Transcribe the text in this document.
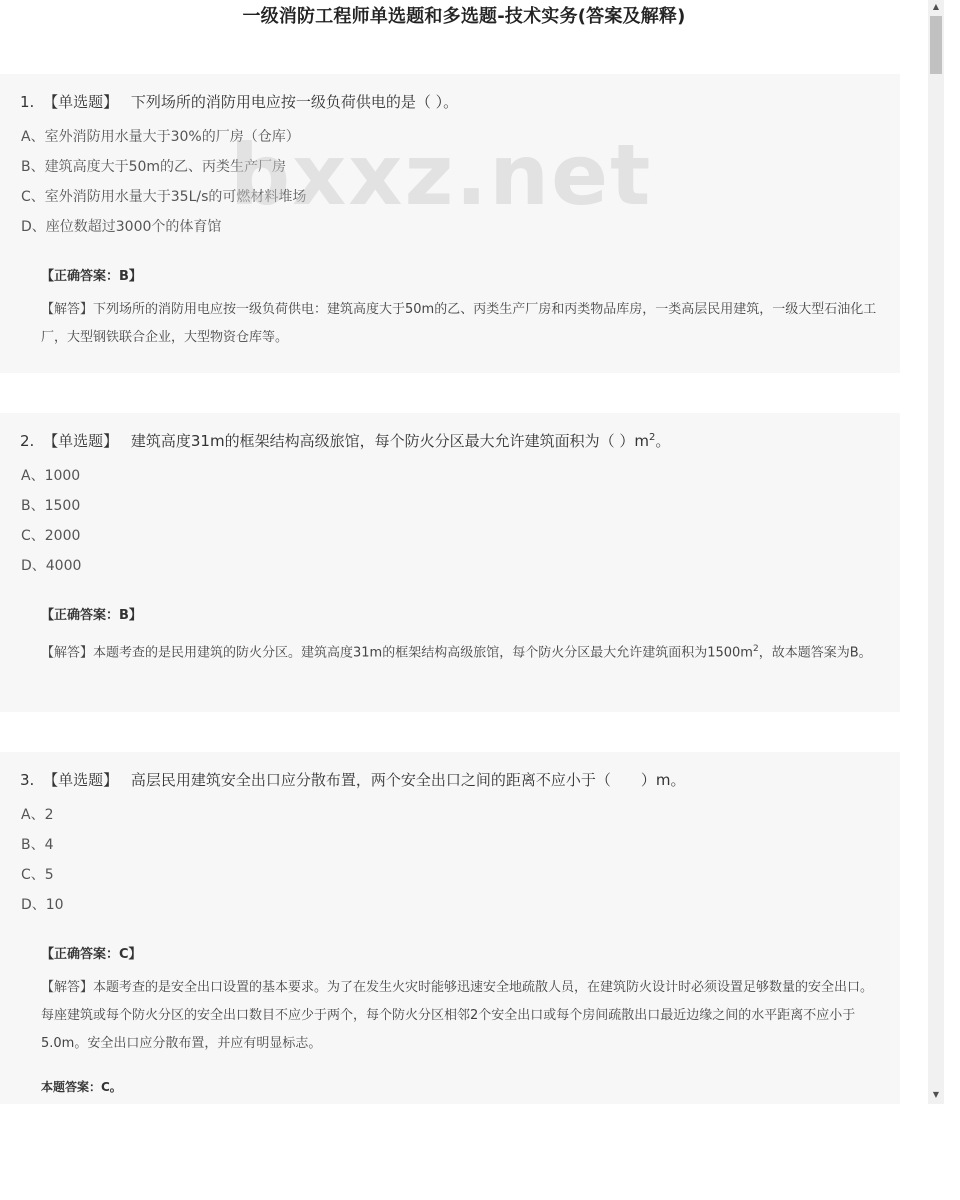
一级消防工程师单选题和多选题-技术实务(答案及解释)
bxxz.net
1. 【单选题】 下列场所的消防用电应按一级负荷供电的是（ ）。
A、室外消防用水量大于30%的厂房（仓库）
B、建筑高度大于50m的乙、丙类生产厂房
C、室外消防用水量大于35L/s的可燃材料堆场
D、座位数超过3000个的体育馆
【正确答案：B】
【解答】下列场所的消防用电应按一级负荷供电：建筑高度大于50m的乙、丙类生产厂房和丙类物品库房，一类高层民用建筑，一级大型石油化工厂，大型钢铁联合企业，大型物资仓库等。
2. 【单选题】 建筑高度31m的框架结构高级旅馆，每个防火分区最大允许建筑面积为（ ）$m^2$。
A、1000
B、1500
C、2000
D、4000
【正确答案：B】
【解答】本题考查的是民用建筑的防火分区。建筑高度31m的框架结构高级旅馆，每个防火分区最大允许建筑面积为$1500m^2$，故本题答案为B。
3. 【单选题】 高层民用建筑安全出口应分散布置，两个安全出口之间的距离不应小于（　　）m。
A、2
B、4
C、5
D、10
【正确答案：C】
【解答】本题考查的是安全出口设置的基本要求。为了在发生火灾时能够迅速安全地疏散人员，在建筑防火设计时必须设置足够数量的安全出口。每座建筑或每个防火分区的安全出口数目不应少于两个，每个防火分区相邻2个安全出口或每个房间疏散出口最近边缘之间的水平距离不应小于5.0m。安全出口应分散布置，并应有明显标志。
本题答案：C。
▲
▼
